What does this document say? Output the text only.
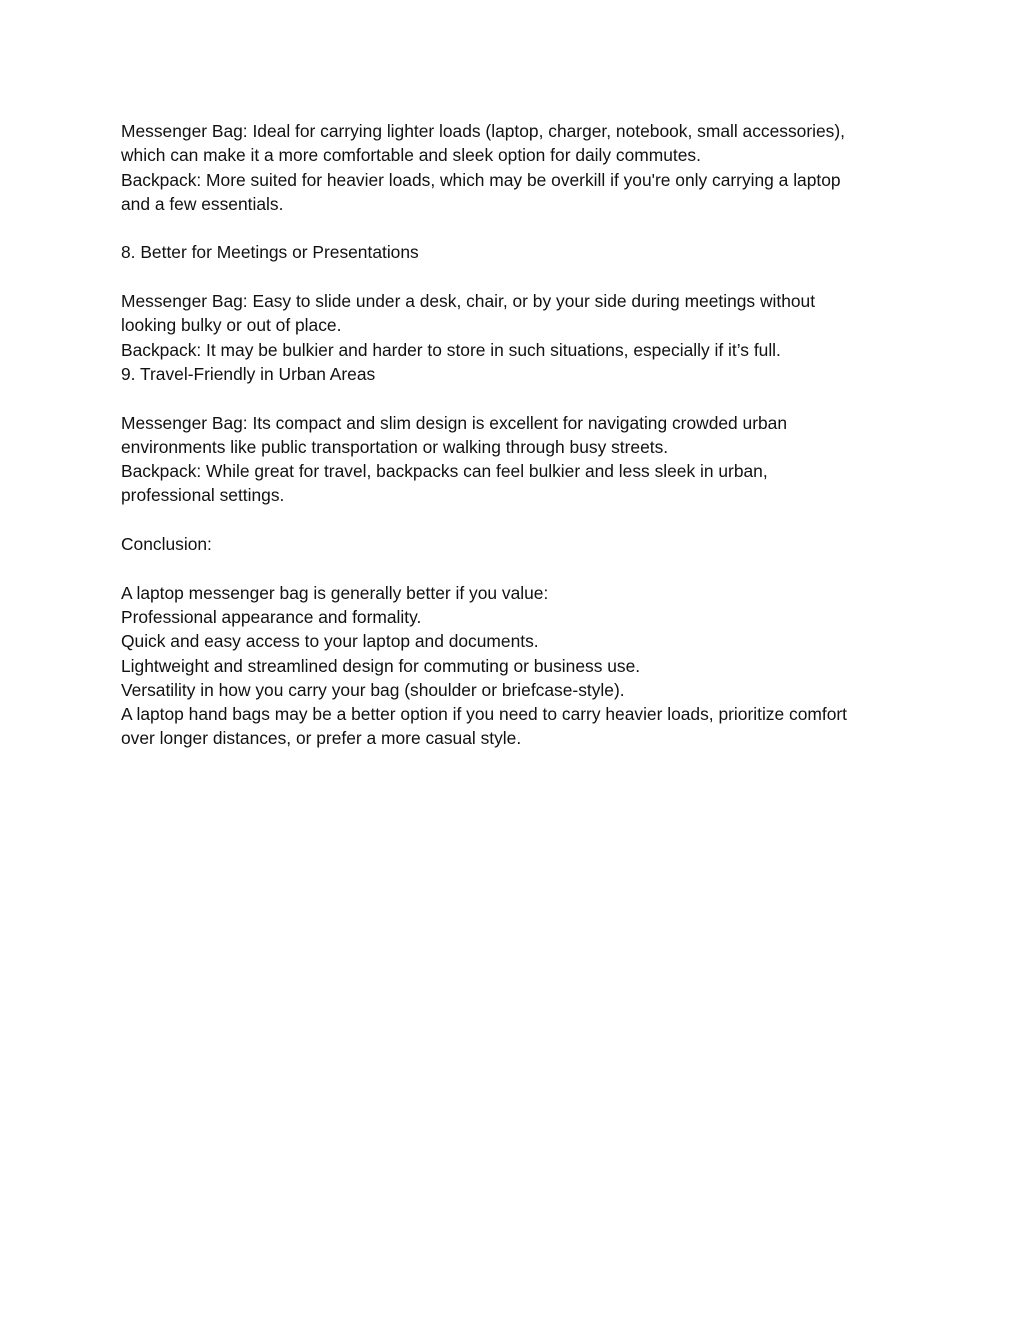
Messenger Bag: Ideal for carrying lighter loads (laptop, charger, notebook, small accessories),
which can make it a more comfortable and sleek option for daily commutes.
Backpack: More suited for heavier loads, which may be overkill if you're only carrying a laptop
and a few essentials.
8. Better for Meetings or Presentations
Messenger Bag: Easy to slide under a desk, chair, or by your side during meetings without
looking bulky or out of place.
Backpack: It may be bulkier and harder to store in such situations, especially if it’s full.
9. Travel-Friendly in Urban Areas
Messenger Bag: Its compact and slim design is excellent for navigating crowded urban
environments like public transportation or walking through busy streets.
Backpack: While great for travel, backpacks can feel bulkier and less sleek in urban,
professional settings.
Conclusion:
A laptop messenger bag is generally better if you value:
Professional appearance and formality.
Quick and easy access to your laptop and documents.
Lightweight and streamlined design for commuting or business use.
Versatility in how you carry your bag (shoulder or briefcase-style).
A laptop hand bags may be a better option if you need to carry heavier loads, prioritize comfort
over longer distances, or prefer a more casual style.
